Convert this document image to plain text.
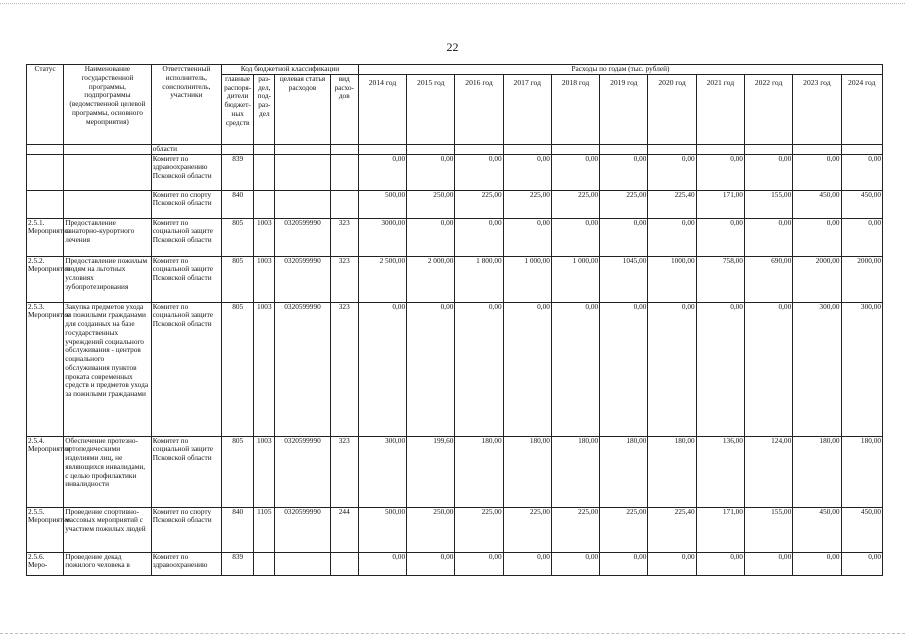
22
Статус	Наименование государственной программы, подпрограммы (ведомственной целевой программы, основного мероприятия)	Ответственный исполнитель, соисполнитель, участники	Код бюджетной классификации				Расходы по годам (тыс. рублей)										
			главные распоря-дители бюджет-ных средств	раз-дел, под-раз-дел	целевая статья расходов	вид расхо-дов	2014 год	2015 год	2016 год	2017 год	2018 год	2019 год	2020 год	2021 год	2022 год	2023 год	2024 год
		области															
		Комитет по здравоохранению Псковской области	839				0,00	0,00	0,00	0,00	0,00	0,00	0,00	0,00	0,00	0,00	0,00
		Комитет по спорту Псковской области	840				500,00	250,00	225,00	225,00	225,00	225,00	225,40	171,00	155,00	450,00	450,00
2.5.1. Мероприятие	Предоставление санаторно-курортного лечения	Комитет по социальной защите Псковской области	805	1003	0320599990	323	3000,00	0,00	0,00	0,00	0,00	0,00	0,00	0,00	0,00	0,00	0,00
2.5.2. Мероприятие	Предоставление пожилым людям на льготных условиях зубопротезирования	Комитет по социальной защите Псковской области	805	1003	0320599990	323	2 500,00	2 000,00	1 800,00	1 000,00	1 000,00	1045,00	1000,00	758,00	690,00	2000,00	2000,00
2.5.3. Мероприятие	Закупка предметов ухода за пожилыми гражданами для созданных на базе государственных учреждений социального обслуживания - центров социального обслуживания пунктов проката современных средств и предметов ухода за пожилыми гражданами	Комитет по социальной защите Псковской области	805	1003	0320599990	323	0,00	0,00	0,00	0,00	0,00	0,00	0,00	0,00	0,00	300,00	300,00
2.5.4. Мероприятие	Обеспечение протезно-ортопедическими изделиями лиц, не являющихся инвалидами, с целью профилактики инвалидности	Комитет по социальной защите Псковской области	805	1003	0320599990	323	300,00	199,60	180,00	180,00	180,00	180,00	180,00	136,00	124,00	180,00	180,00
2.5.5. Мероприятие	Проведение спортивно-массовых мероприятий с участием пожилых людей	Комитет по спорту Псковской области	840	1105	0320599990	244	500,00	250,00	225,00	225,00	225,00	225,00	225,40	171,00	155,00	450,00	450,00
2.5.6. Меро-	Проведение декад пожилого человека в	Комитет по здравоохранению	839				0,00	0,00	0,00	0,00	0,00	0,00	0,00	0,00	0,00	0,00	0,00
